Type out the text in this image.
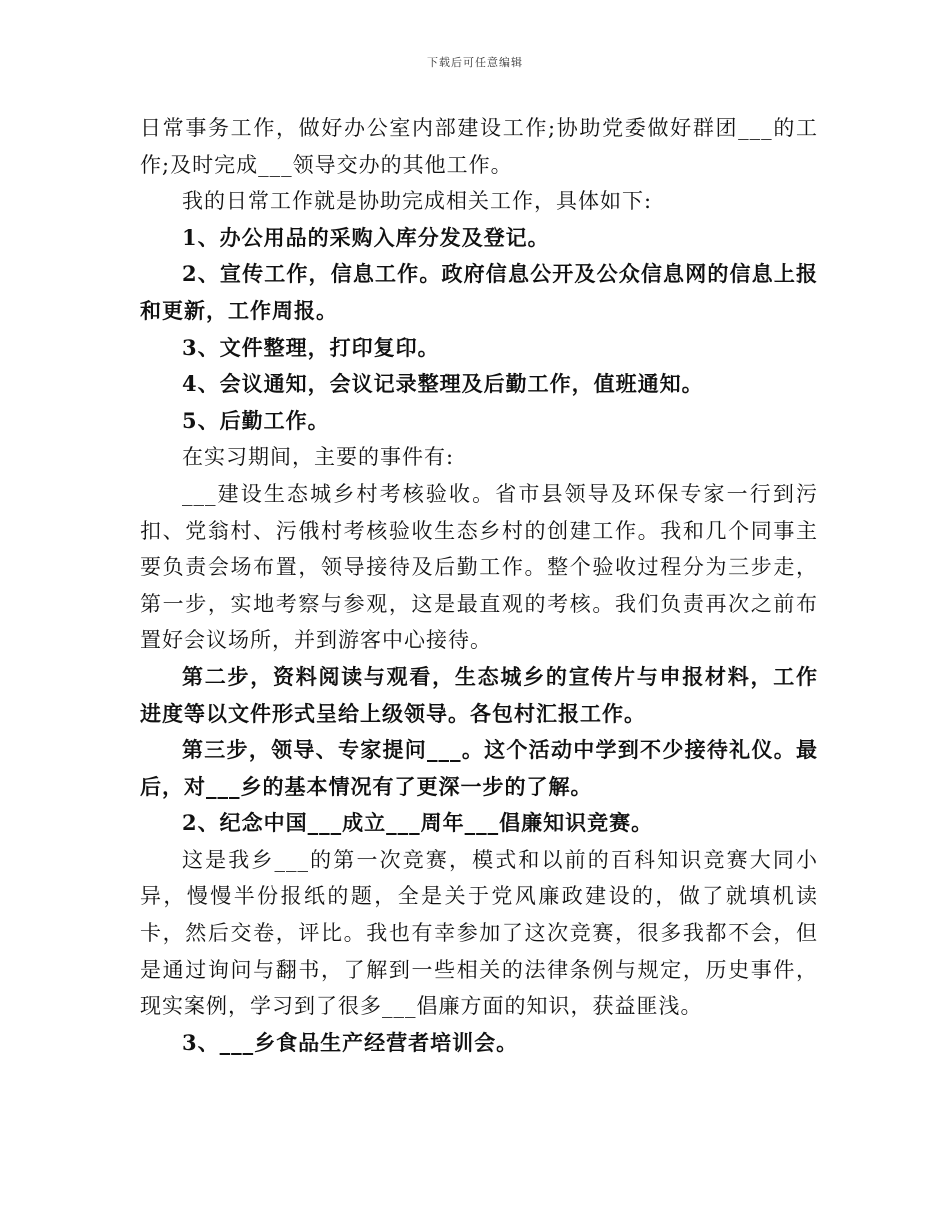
下载后可任意编辑

日常事务工作，做好办公室内部建设工作;协助党委做好群团___的工作;及时完成___领导交办的其他工作。

我的日常工作就是协助完成相关工作，具体如下:

1、办公用品的采购入库分发及登记。

2、宣传工作，信息工作。政府信息公开及公众信息网的信息上报和更新，工作周报。

3、文件整理，打印复印。

4、会议通知，会议记录整理及后勤工作，值班通知。

5、后勤工作。

在实习期间，主要的事件有:

___建设生态城乡村考核验收。省市县领导及环保专家一行到污扣、党翁村、污俄村考核验收生态乡村的创建工作。我和几个同事主要负责会场布置，领导接待及后勤工作。整个验收过程分为三步走，第一步，实地考察与参观，这是最直观的考核。我们负责再次之前布置好会议场所，并到游客中心接待。

第二步，资料阅读与观看，生态城乡的宣传片与申报材料，工作进度等以文件形式呈给上级领导。各包村汇报工作。

第三步，领导、专家提问___。这个活动中学到不少接待礼仪。最后，对___乡的基本情况有了更深一步的了解。

2、纪念中国___成立___周年___倡廉知识竞赛。

这是我乡___的第一次竞赛，模式和以前的百科知识竞赛大同小异，慢慢半份报纸的题，全是关于党风廉政建设的，做了就填机读卡，然后交卷，评比。我也有幸参加了这次竞赛，很多我都不会，但是通过询问与翻书，了解到一些相关的法律条例与规定，历史事件，现实案例，学习到了很多___倡廉方面的知识，获益匪浅。

3、___乡食品生产经营者培训会。
